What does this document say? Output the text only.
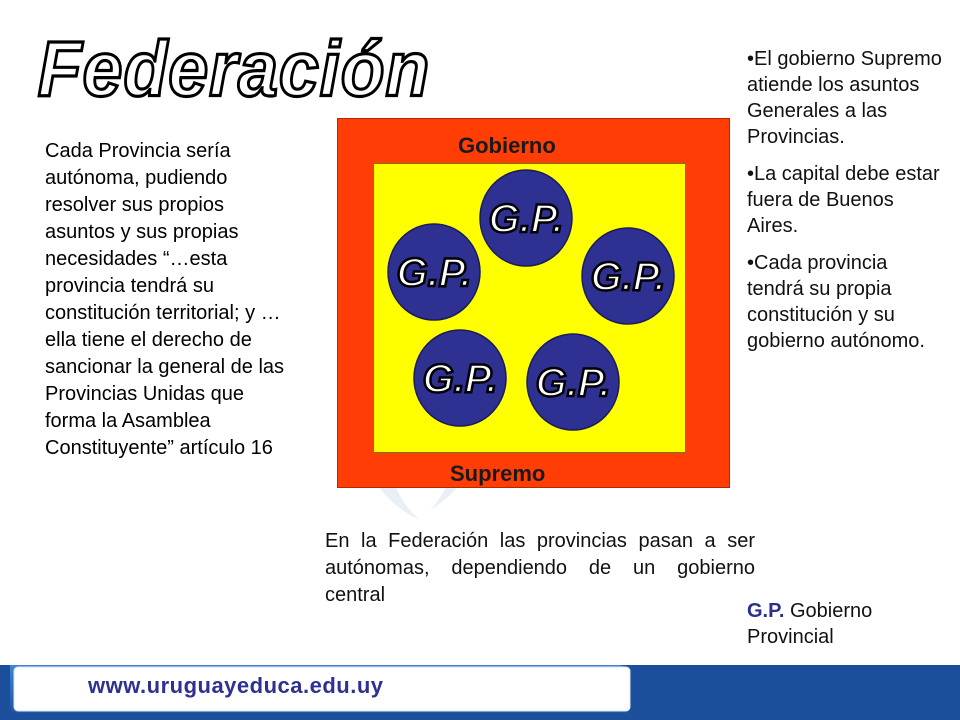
Federación
Cada Provincia sería autónoma, pudiendo resolver sus propios asuntos y sus propias necesidades “…esta provincia tendrá su constitución territorial; y …ella tiene el derecho de sancionar la general de las Provincias Unidas que forma la Asamblea Constituyente” artículo 16
•El gobierno Supremo atiende los asuntos Generales a las Provincias.
•La capital debe estar fuera de Buenos Aires.
•Cada provincia tendrá su propia constitución y su gobierno autónomo.
Gobierno
Supremo
G.P.
G.P.	G.P.
G.P. G.P.
En la Federación las provincias pasan a ser autónomas, dependiendo de un gobierno central
G.P. Gobierno Provincial
www.uruguayeduca.edu.uy
